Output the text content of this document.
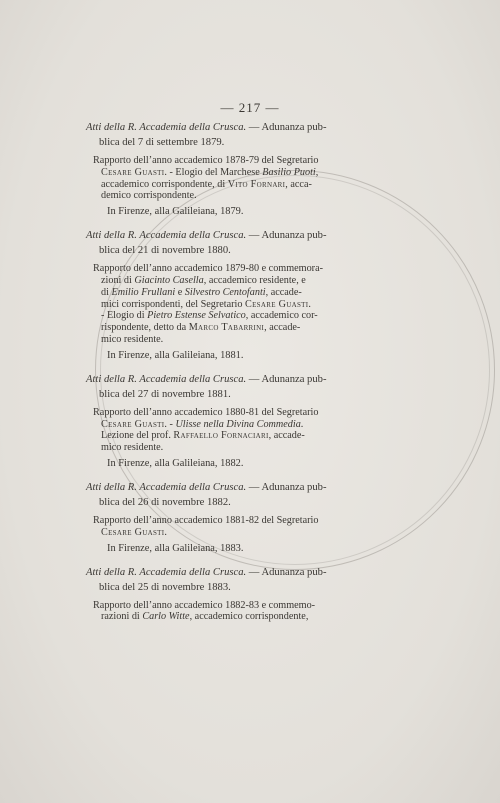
— 217 —
Atti della R. Accademia della Crusca. — Adunanza pub-
blica del 7 di settembre 1879.

Rapporto dell’anno accademico 1878-79 del Segretario

Cesare Guasti. - Elogio del Marchese Basilio Puoti,

accademico corrispondente, di Vito Fornari, acca-

demico corrispondente.

In Firenze, alla Galileiana, 1879.
Atti della R. Accademia della Crusca. — Adunanza pub-
blica del 21 di novembre 1880.

Rapporto dell’anno accademico 1879-80 e commemora-

zioni di Giacinto Casella, accademico residente, e

di Emilio Frullani e Silvestro Centofanti, accade-

mici corrispondenti, del Segretario Cesare Guasti.

- Elogio di Pietro Estense Selvatico, accademico cor-

rispondente, detto da Marco Tabarrini, accade-

mico residente.

In Firenze, alla Galileiana, 1881.
Atti della R. Accademia della Crusca. — Adunanza pub-
blica del 27 di novembre 1881.

Rapporto dell’anno accademico 1880-81 del Segretario

Cesare Guasti. - Ulisse nella Divina Commedia.

Lezione del prof. Raffaello Fornaciari, accade-

mico residente.

In Firenze, alla Galileiana, 1882.
Atti della R. Accademia della Crusca. — Adunanza pub-
blica del 26 di novembre 1882.

Rapporto dell’anno accademico 1881-82 del Segretario

Cesare Guasti.

In Firenze, alla Galileiana, 1883.
Atti della R. Accademia della Crusca. — Adunanza pub-
blica del 25 di novembre 1883.

Rapporto dell’anno accademico 1882-83 e commemo-

razioni di Carlo Witte, accademico corrispondente,
